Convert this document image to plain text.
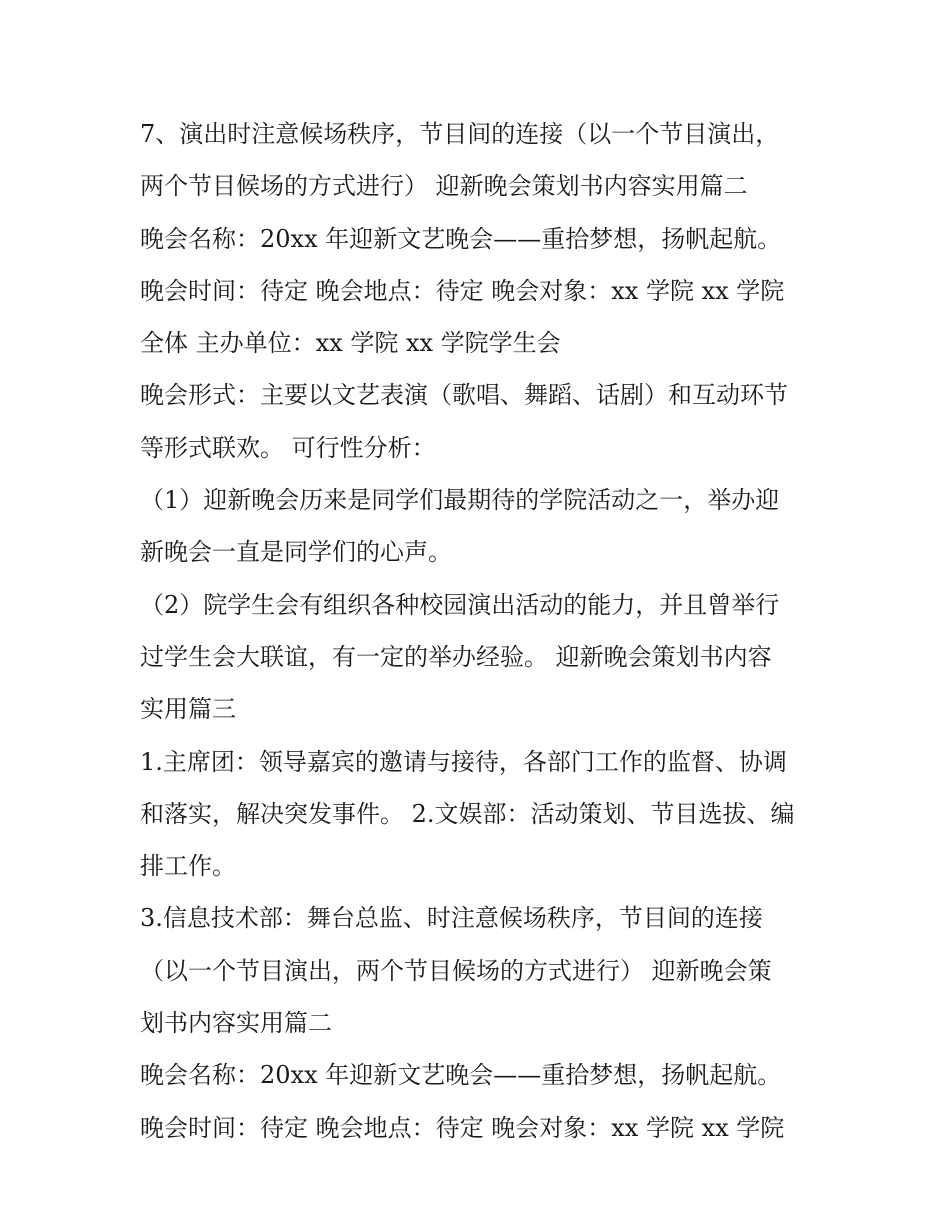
7、演出时注意候场秩序，节目间的连接（以一个节目演出，
两个节目候场的方式进行） 迎新晚会策划书内容实用篇二
晚会名称：20xx 年迎新文艺晚会——重拾梦想，扬帆起航。
晚会时间：待定 晚会地点：待定 晚会对象：xx 学院 xx 学院
全体 主办单位：xx 学院 xx 学院学生会
晚会形式：主要以文艺表演（歌唱、舞蹈、话剧）和互动环节
等形式联欢。 可行性分析：
（1）迎新晚会历来是同学们最期待的学院活动之一，举办迎
新晚会一直是同学们的心声。
（2）院学生会有组织各种校园演出活动的能力，并且曾举行
过学生会大联谊，有一定的举办经验。 迎新晚会策划书内容
实用篇三
1.主席团：领导嘉宾的邀请与接待，各部门工作的监督、协调
和落实，解决突发事件。 2.文娱部：活动策划、节目选拔、编
排工作。
3.信息技术部：舞台总监、时注意候场秩序，节目间的连接
（以一个节目演出，两个节目候场的方式进行） 迎新晚会策
划书内容实用篇二
晚会名称：20xx 年迎新文艺晚会——重拾梦想，扬帆起航。
晚会时间：待定 晚会地点：待定 晚会对象：xx 学院 xx 学院
